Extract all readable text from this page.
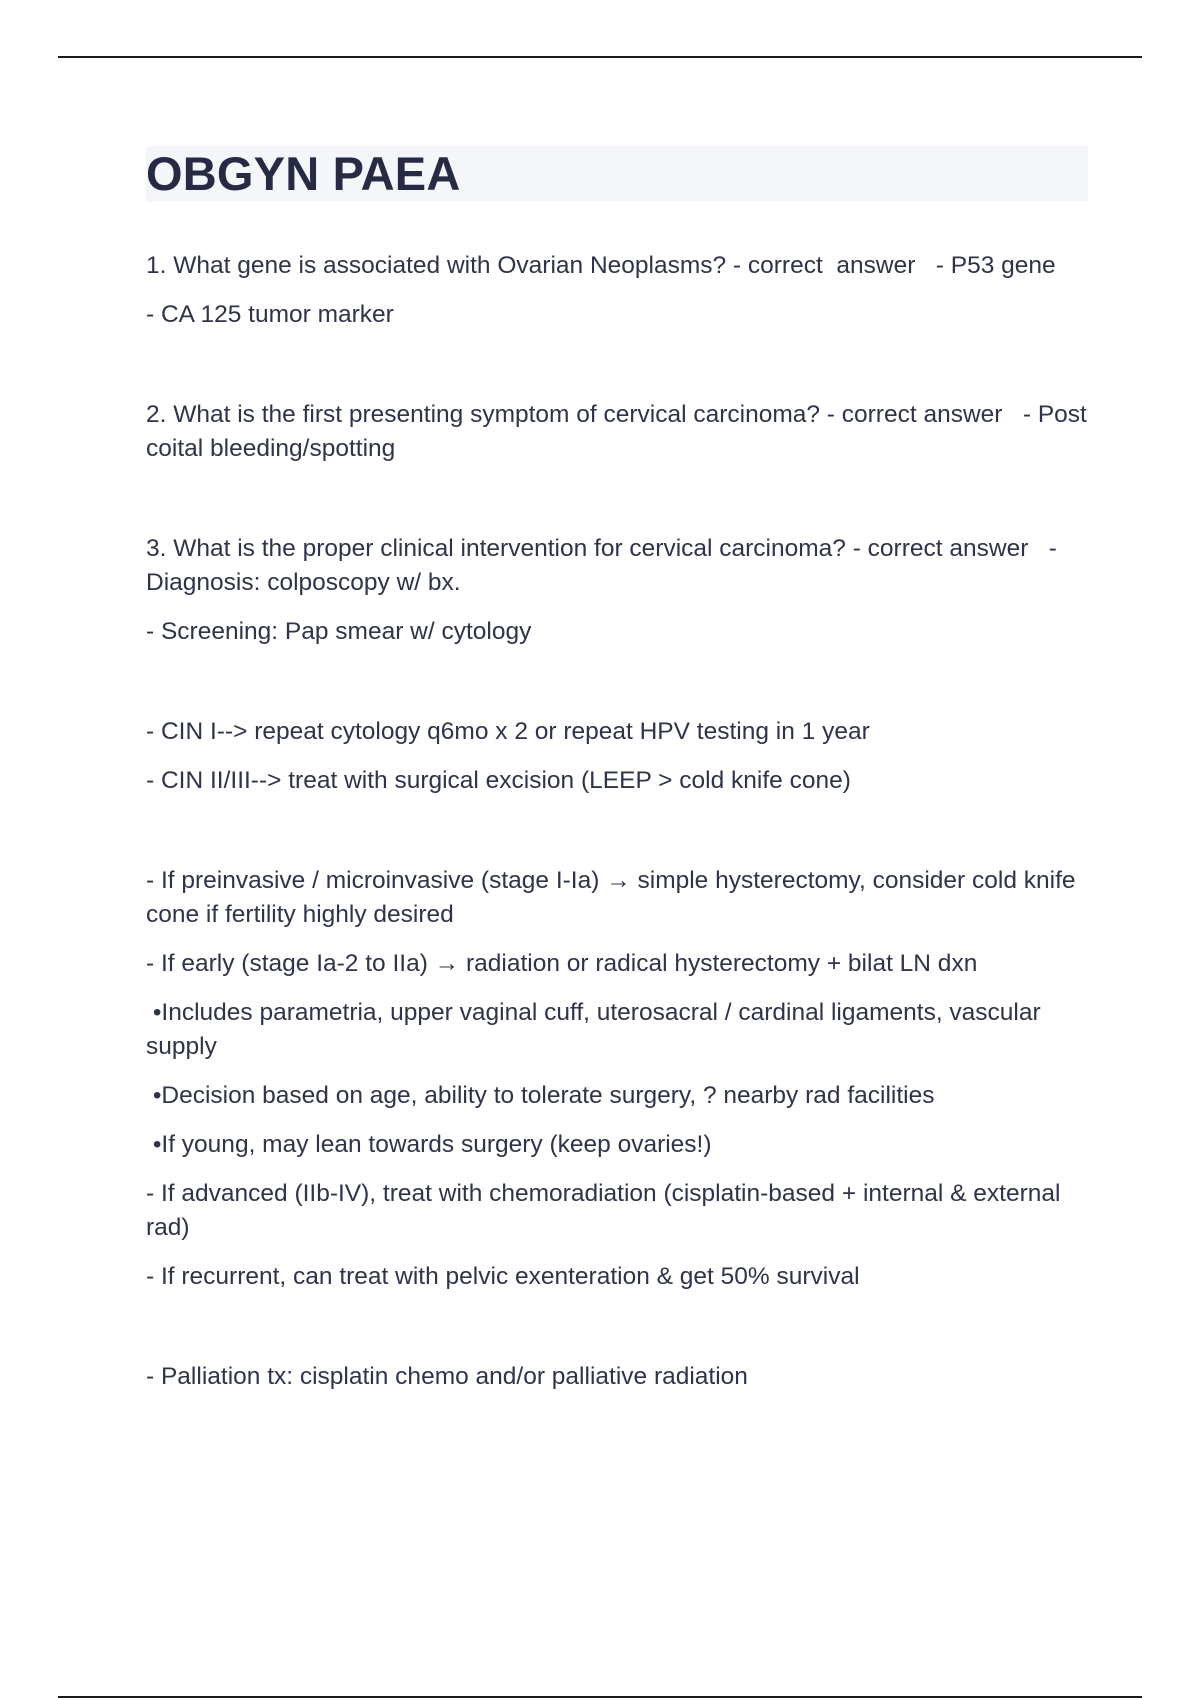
OBGYN PAEA

1. What gene is associated with Ovarian Neoplasms? - correct  answer   - P53 gene

- CA 125 tumor marker

2. What is the first presenting symptom of cervical carcinoma? - correct answer   - Post coital bleeding/spotting

3. What is the proper clinical intervention for cervical carcinoma? - correct answer   - Diagnosis: colposcopy w/ bx.

- Screening: Pap smear w/ cytology

- CIN I--> repeat cytology q6mo x 2 or repeat HPV testing in 1 year

- CIN II/III--> treat with surgical excision (LEEP > cold knife cone)

- If preinvasive / microinvasive (stage I-Ia) → simple hysterectomy, consider cold knife cone if fertility highly desired

- If early (stage Ia-2 to IIa) → radiation or radical hysterectomy + bilat LN dxn

•Includes parametria, upper vaginal cuff, uterosacral / cardinal ligaments, vascular supply

•Decision based on age, ability to tolerate surgery, ? nearby rad facilities

•If young, may lean towards surgery (keep ovaries!)

- If advanced (IIb-IV), treat with chemoradiation (cisplatin-based + internal & external rad)

- If recurrent, can treat with pelvic exenteration & get 50% survival

- Palliation tx: cisplatin chemo and/or palliative radiation
